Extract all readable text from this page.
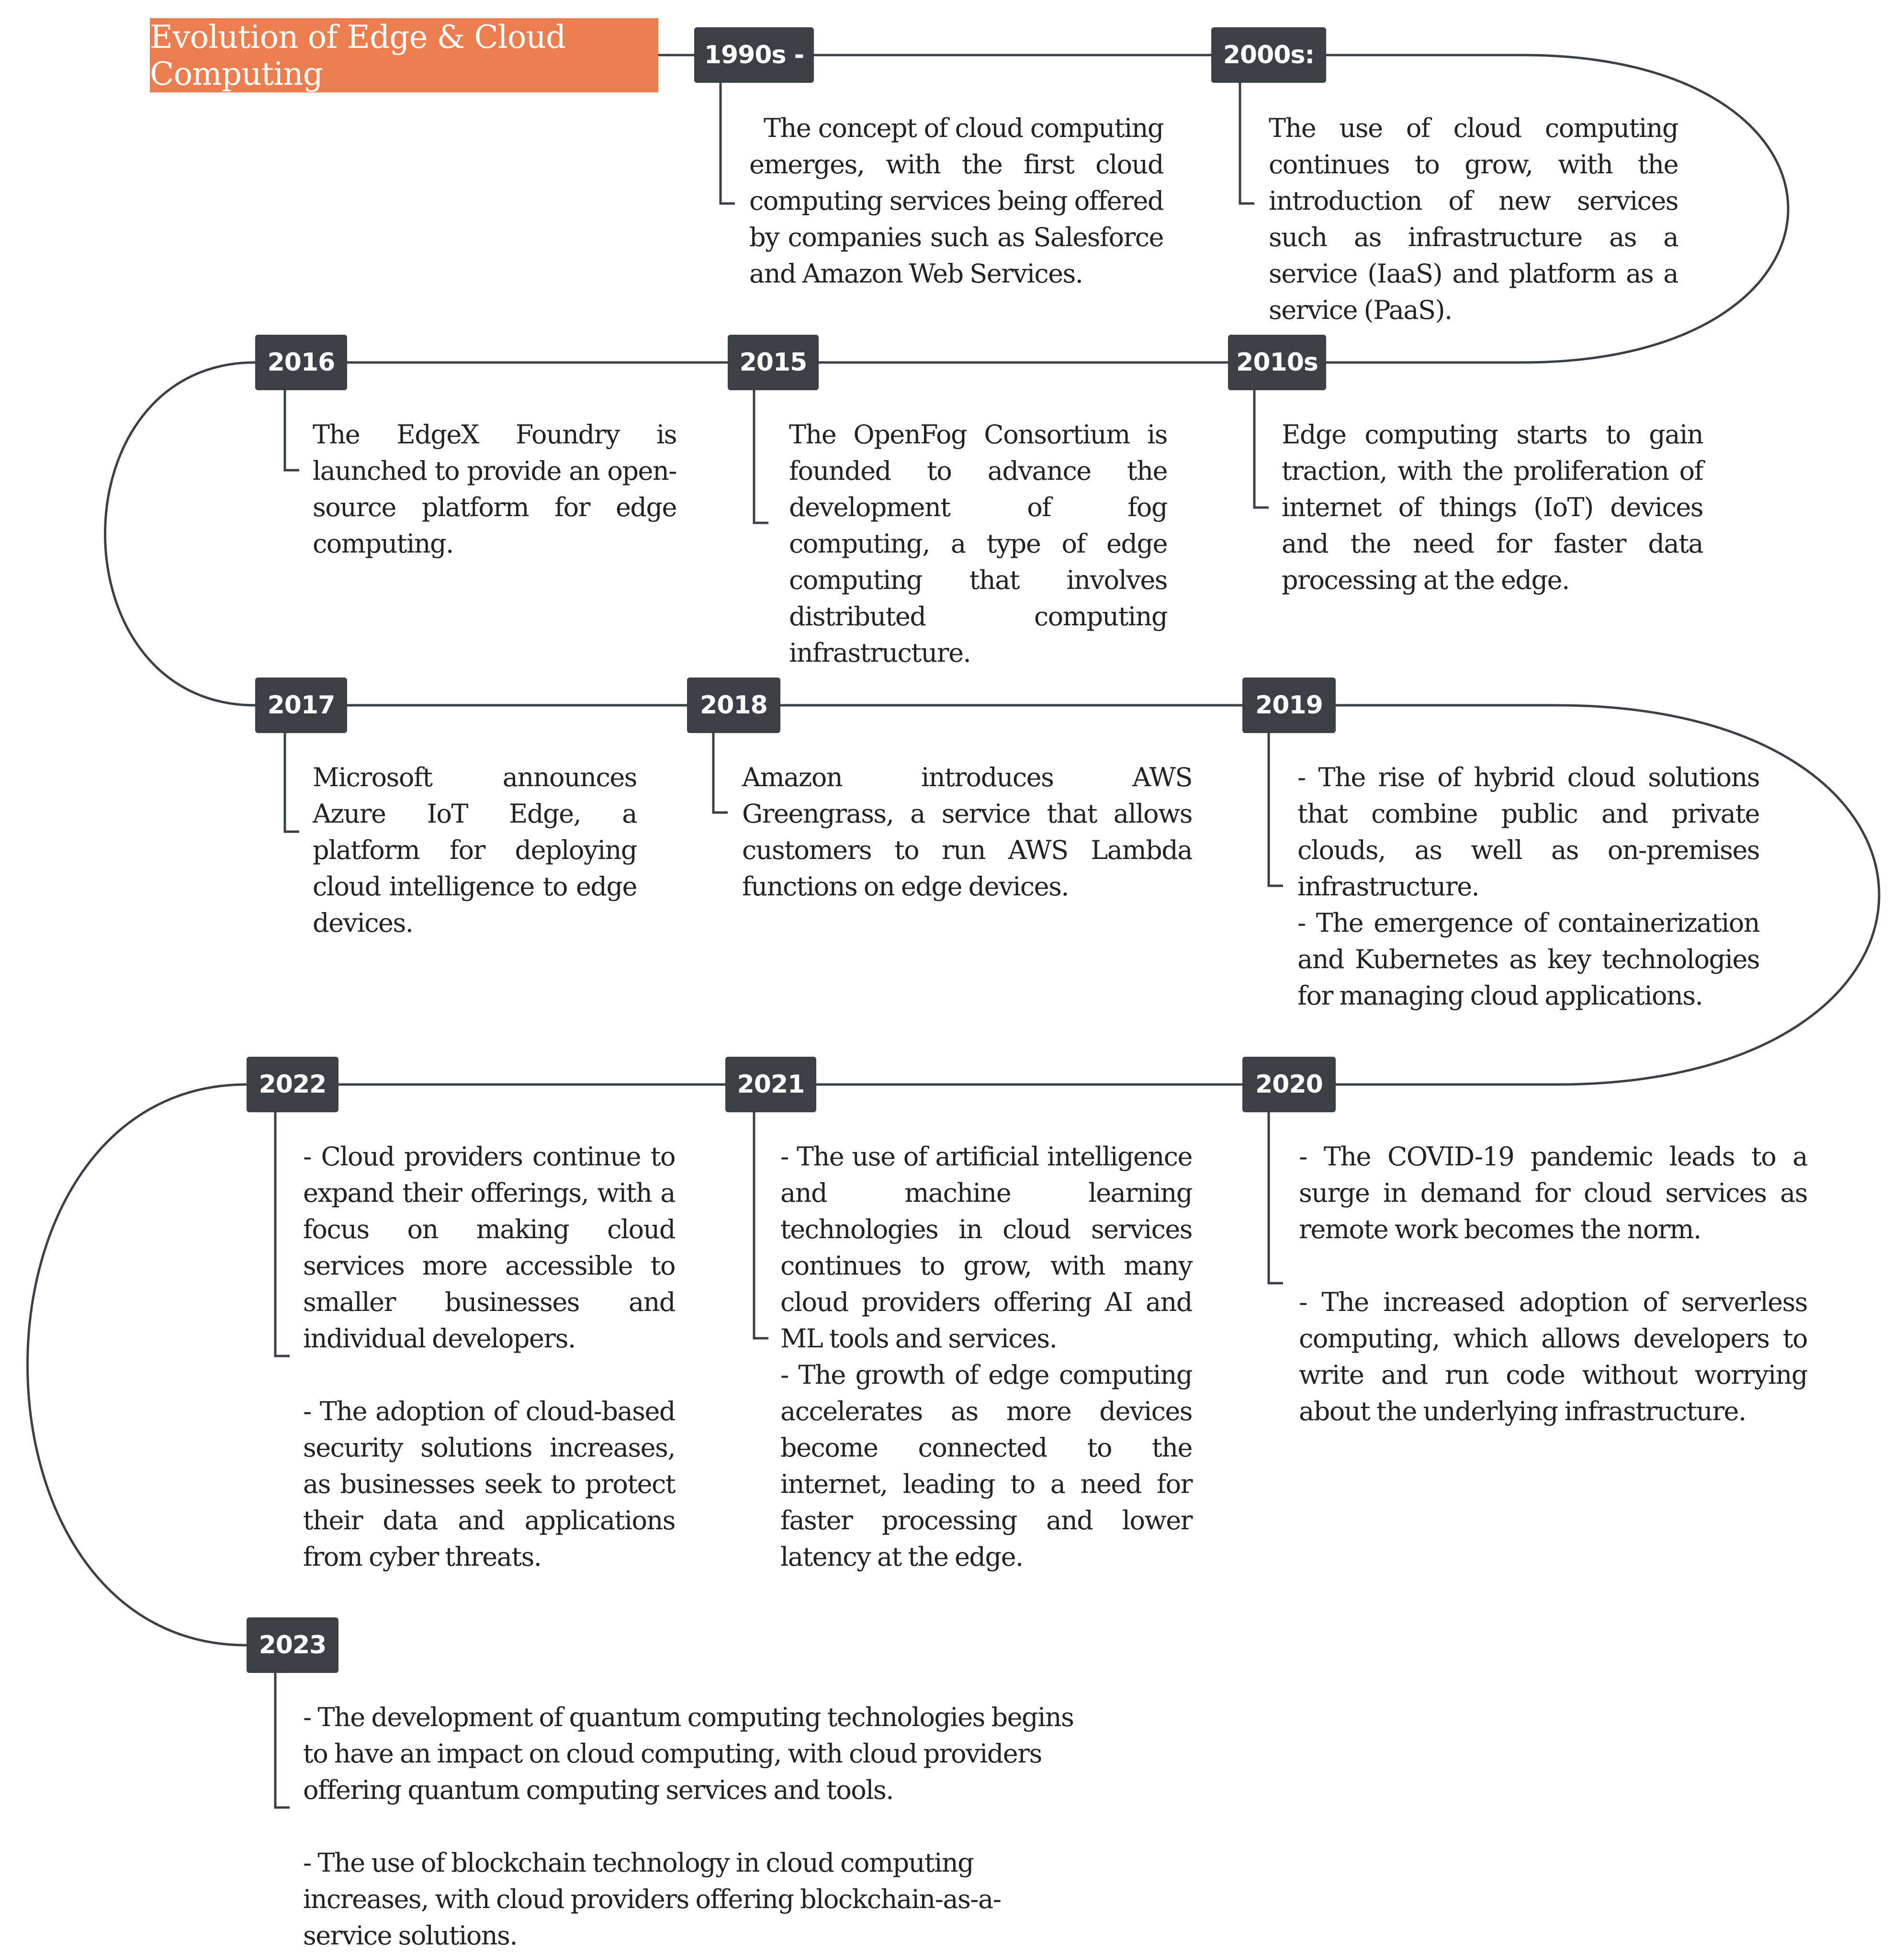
Evolution of Edge & Cloud Computing
1990s -	2000s:
2010s
2015
2016
2017	2018	2019
2020
2021
2022
2023
The concept of cloud computing emerges, with the first cloud computing services being offered by companies such as Salesforce and Amazon Web Services.
The use of cloud computing continues to grow, with the introduction of new services such as infrastructure as a service (IaaS) and platform as a service (PaaS).
Edge computing starts to gain traction, with the proliferation of internet of things (IoT) devices and the need for faster data processing at the edge.
The OpenFog Consortium is founded to advance the development of fog computing, a type of edge computing that involves distributed computing infrastructure.
The EdgeX Foundry is launched to provide an open-source platform for edge computing.
Microsoft announces Azure IoT Edge, a platform for deploying cloud intelligence to edge devices.
Amazon introduces AWS Greengrass, a service that allows customers to run AWS Lambda functions on edge devices.
- The rise of hybrid cloud solutions that combine public and private clouds, as well as on-premises infrastructure.
- The emergence of containerization and Kubernetes as key technologies for managing cloud applications.
- The COVID-19 pandemic leads to a surge in demand for cloud services as remote work becomes the norm.
- The increased adoption of serverless computing, which allows developers to write and run code without worrying about the underlying infrastructure.
- The use of artificial intelligence and machine learning technologies in cloud services continues to grow, with many cloud providers offering AI and ML tools and services.
- The growth of edge computing accelerates as more devices become connected to the internet, leading to a need for faster processing and lower latency at the edge.
- Cloud providers continue to expand their offerings, with a focus on making cloud services more accessible to smaller businesses and individual developers.
- The adoption of cloud-based security solutions increases, as businesses seek to protect their data and applications from cyber threats.
- The development of quantum computing technologies begins to have an impact on cloud computing, with cloud providers offering quantum computing services and tools.
- The use of blockchain technology in cloud computing increases, with cloud providers offering blockchain-as-a-service solutions.
